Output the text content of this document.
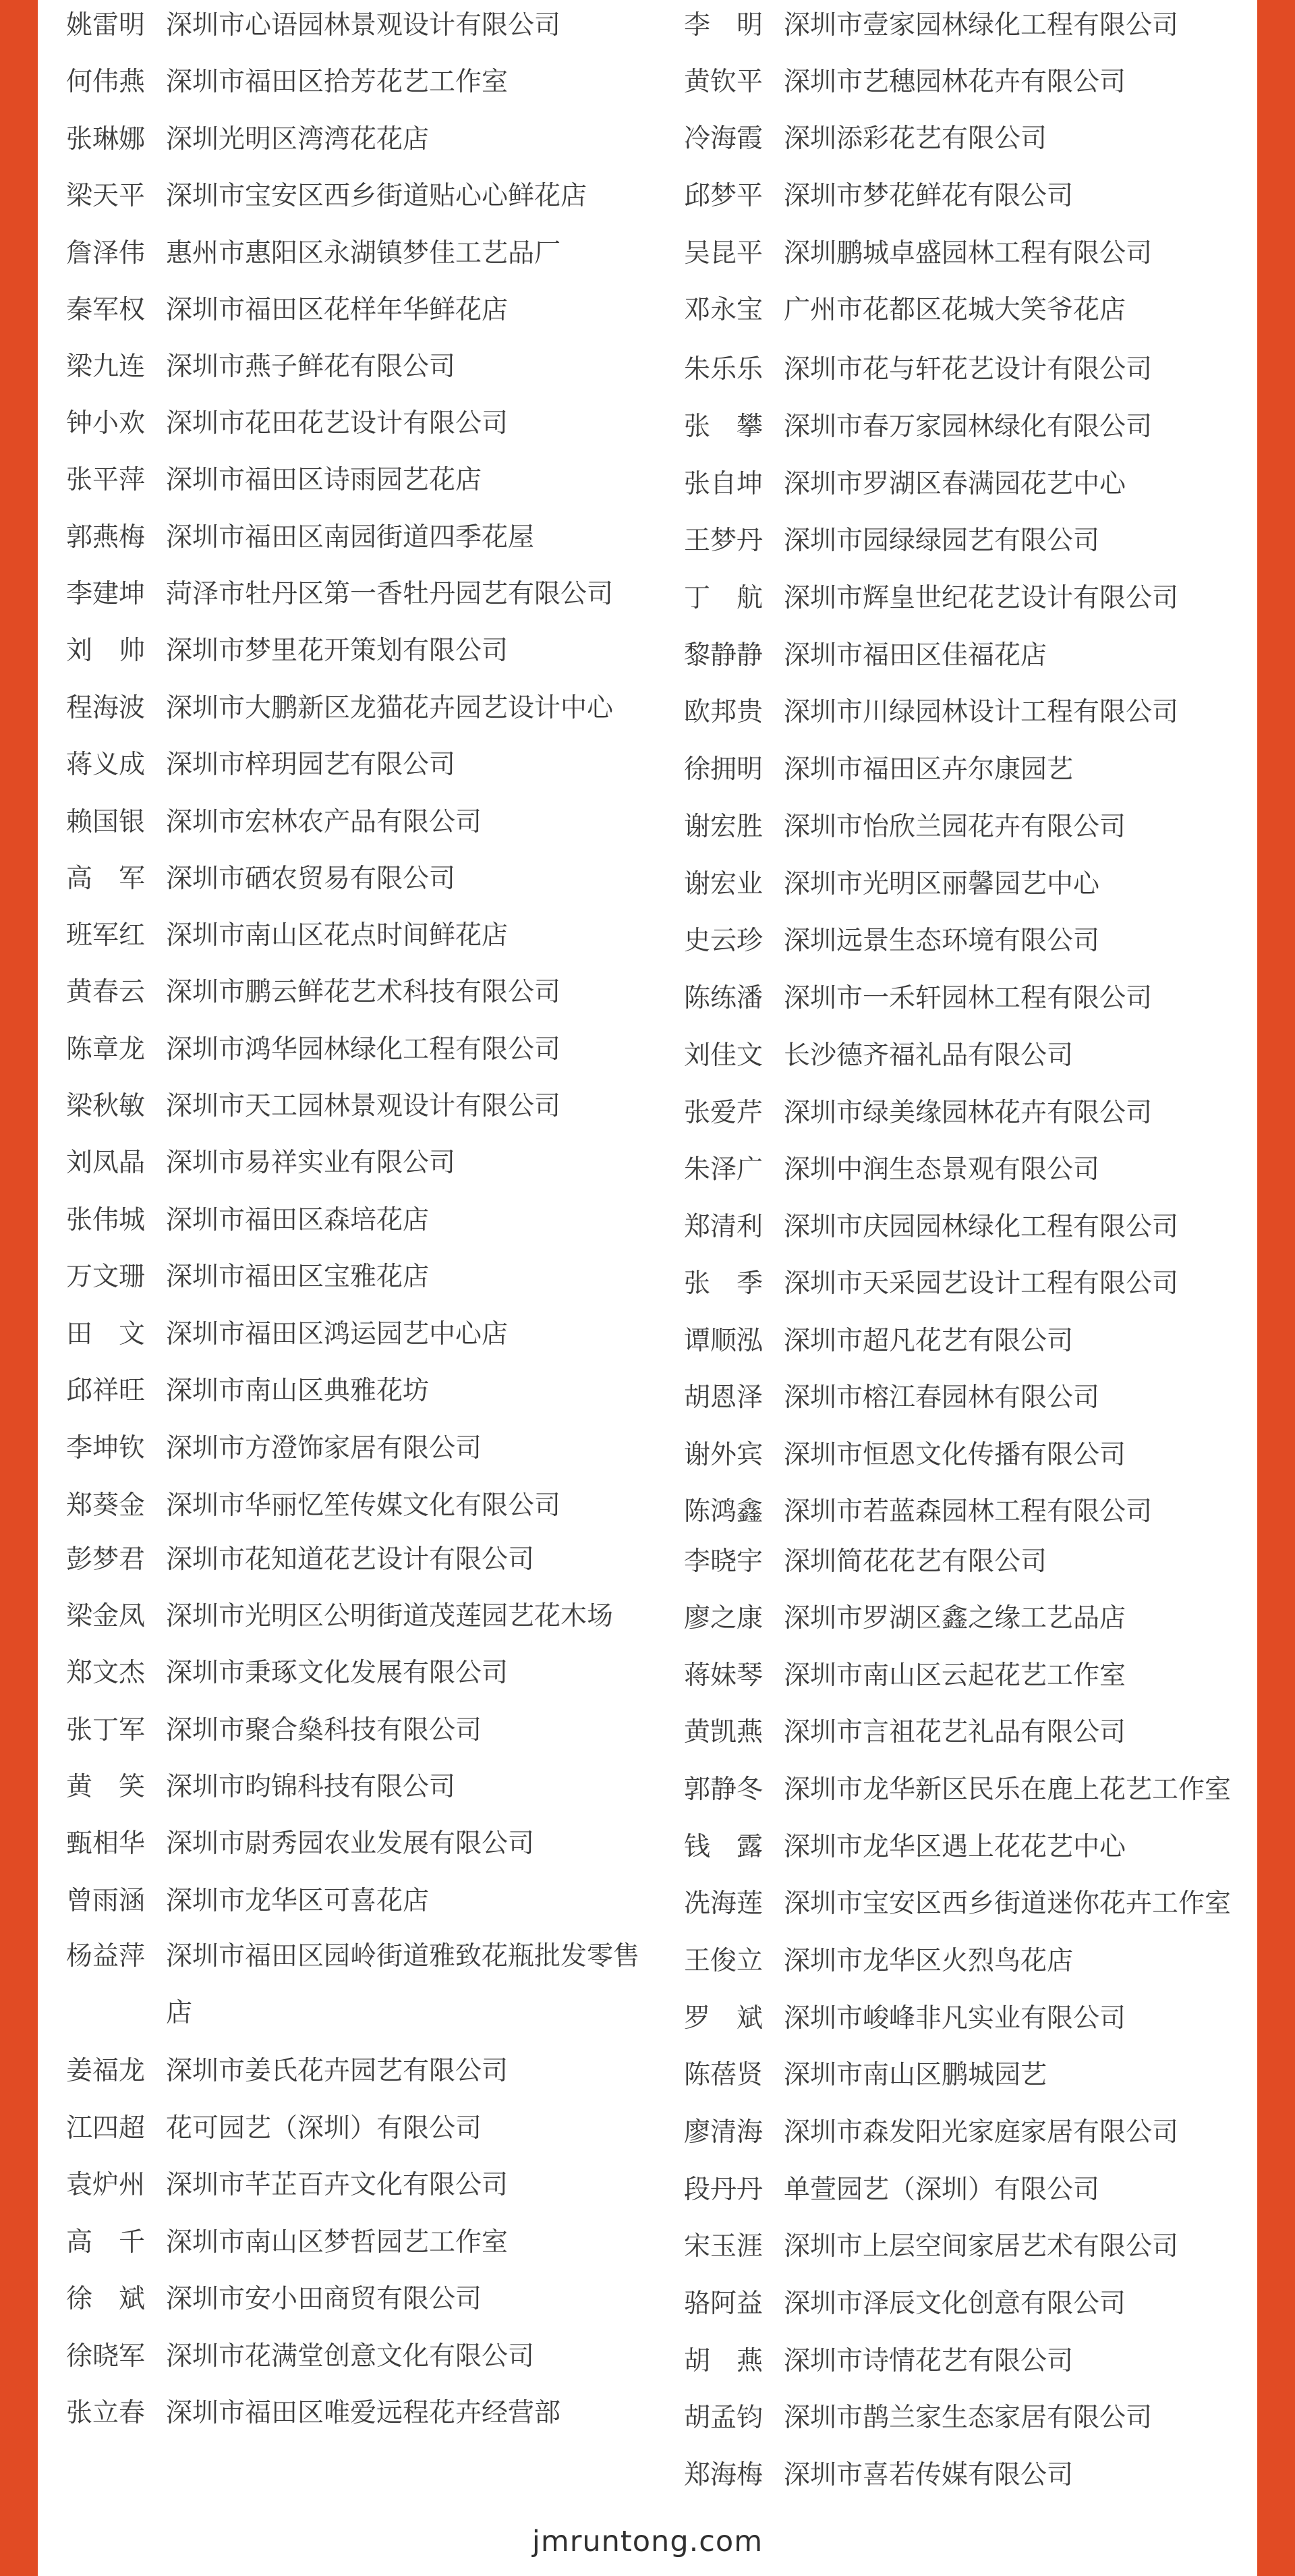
姚雷明 深圳市心语园林景观设计有限公司
何伟燕 深圳市福田区拾芳花艺工作室
张琳娜 深圳光明区湾湾花花店
梁天平 深圳市宝安区西乡街道贴心心鲜花店
詹泽伟 惠州市惠阳区永湖镇梦佳工艺品厂
秦军权 深圳市福田区花样年华鲜花店
梁九连 深圳市燕子鲜花有限公司
钟小欢 深圳市花田花艺设计有限公司
张平萍 深圳市福田区诗雨园艺花店
郭燕梅 深圳市福田区南园街道四季花屋
李建坤 菏泽市牡丹区第一香牡丹园艺有限公司
刘　帅 深圳市梦里花开策划有限公司
程海波 深圳市大鹏新区龙猫花卉园艺设计中心
蒋义成 深圳市梓玥园艺有限公司
赖国银 深圳市宏林农产品有限公司
高　军 深圳市硒农贸易有限公司
班军红 深圳市南山区花点时间鲜花店
黄春云 深圳市鹏云鲜花艺术科技有限公司
陈章龙 深圳市鸿华园林绿化工程有限公司
梁秋敏 深圳市天工园林景观设计有限公司
刘凤晶 深圳市易祥实业有限公司
张伟城 深圳市福田区森培花店
万文珊 深圳市福田区宝雅花店
田　文 深圳市福田区鸿运园艺中心店
邱祥旺 深圳市南山区典雅花坊
李坤钦 深圳市方澄饰家居有限公司
郑葵金 深圳市华丽忆笙传媒文化有限公司
彭梦君 深圳市花知道花艺设计有限公司
梁金凤 深圳市光明区公明街道茂莲园艺花木场
郑文杰 深圳市秉琢文化发展有限公司
张丁军 深圳市聚合燊科技有限公司
黄　笑 深圳市昀锦科技有限公司
甄相华 深圳市尉秀园农业发展有限公司
曾雨涵 深圳市龙华区可喜花店
杨益萍 深圳市福田区园岭街道雅致花瓶批发零售店
姜福龙 深圳市姜氏花卉园艺有限公司
江四超 花可园艺（深圳）有限公司
袁炉州 深圳市芊芷百卉文化有限公司
高　千 深圳市南山区梦哲园艺工作室
徐　斌 深圳市安小田商贸有限公司
徐晓军 深圳市花满堂创意文化有限公司
张立春 深圳市福田区唯爱远程花卉经营部
李　明 深圳市壹家园林绿化工程有限公司
黄钦平 深圳市艺穗园林花卉有限公司
冷海霞 深圳添彩花艺有限公司
邱梦平 深圳市梦花鲜花有限公司
吴昆平 深圳鹏城卓盛园林工程有限公司
邓永宝 广州市花都区花城大笑爷花店
朱乐乐 深圳市花与轩花艺设计有限公司
张　攀 深圳市春万家园林绿化有限公司
张自坤 深圳市罗湖区春满园花艺中心
王梦丹 深圳市园绿绿园艺有限公司
丁　航 深圳市辉皇世纪花艺设计有限公司
黎静静 深圳市福田区佳福花店
欧邦贵 深圳市川绿园林设计工程有限公司
徐拥明 深圳市福田区卉尔康园艺
谢宏胜 深圳市怡欣兰园花卉有限公司
谢宏业 深圳市光明区丽馨园艺中心
史云珍 深圳远景生态环境有限公司
陈练潘 深圳市一禾轩园林工程有限公司
刘佳文 长沙德齐福礼品有限公司
张爱芹 深圳市绿美缘园林花卉有限公司
朱泽广 深圳中润生态景观有限公司
郑清利 深圳市庆园园林绿化工程有限公司
张　季 深圳市天采园艺设计工程有限公司
谭顺泓 深圳市超凡花艺有限公司
胡恩泽 深圳市榕江春园林有限公司
谢外宾 深圳市恒恩文化传播有限公司
陈鸿鑫 深圳市若蓝森园林工程有限公司
李晓宇 深圳简花花艺有限公司
廖之康 深圳市罗湖区鑫之缘工艺品店
蒋妹琴 深圳市南山区云起花艺工作室
黄凯燕 深圳市言祖花艺礼品有限公司
郭静冬 深圳市龙华新区民乐在鹿上花艺工作室
钱　露 深圳市龙华区遇上花花艺中心
冼海莲 深圳市宝安区西乡街道迷你花卉工作室
王俊立 深圳市龙华区火烈鸟花店
罗　斌 深圳市峻峰非凡实业有限公司
陈蓓贤 深圳市南山区鹏城园艺
廖清海 深圳市森发阳光家庭家居有限公司
段丹丹 单萱园艺（深圳）有限公司
宋玉涯 深圳市上层空间家居艺术有限公司
骆阿益 深圳市泽辰文化创意有限公司
胡　燕 深圳市诗情花艺有限公司
胡孟钧 深圳市鹊兰家生态家居有限公司
郑海梅 深圳市喜若传媒有限公司
jmruntong.com
